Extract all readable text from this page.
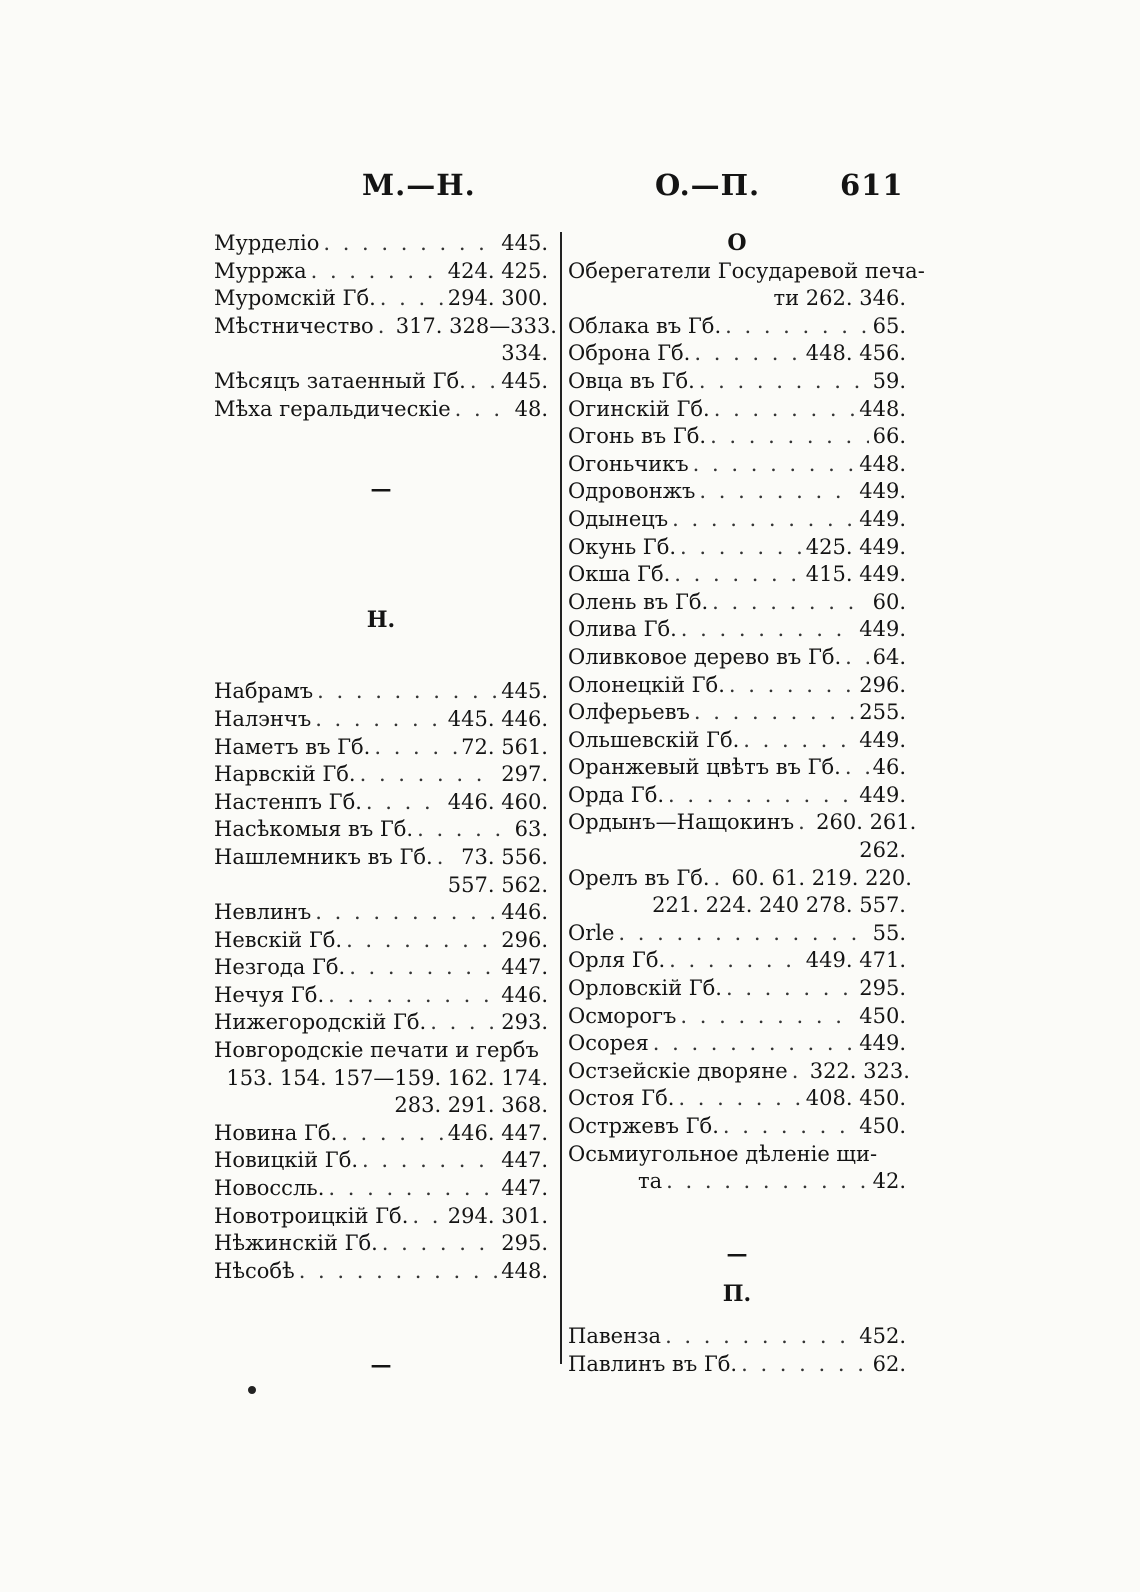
M.—H.	O.—П.	611
Мурделіо . . .	445.
Мурржа . . .	424. 425.
Муромскій Гб. . . .	294. 300.
Мѣстничество . . . 317. 328—333.
334.
Мѣсяцъ затаенный Гб. . . . 445.
Мѣха геральдическіе . . .	48.
—
Н.
Набрамъ . . .	445.
Налэнчъ . . .	445. 446.
Наметъ въ Гб. . . .	72. 561.
Нарвскій Гб. . . .	297.
Настенпъ Гб. . . .	446. 460.
Насѣкомыя въ Гб. . . .	63.
Нашлемникъ въ Гб. . . . 73. 556.
557. 562.
Невлинъ . . .	446.
Невскій Гб. . . .	296.
Незгода Гб. . . .	447.
Нечуя Гб. . . .	446.
Нижегородскій Гб. . . .	293.
Новгородскіе печати и гербъ
153. 154. 157—159. 162. 174.
283. 291. 368.
Новина Гб. . . .	446. 447.
Новицкій Гб. . . .	447.
Новоссль. . . .	447.
Новотроицкій Гб. . . . 294. 301.
Нѣжинскій Гб. . . .	295.
Нѣсобѣ . . .	448.
—
О
Оберегатели Государевой печа-
ти 262. 346.
Облака въ Гб. . . .	65.
Оброна Гб. . . .	448. 456.
Овца въ Гб. . . .	59.
Огинскій Гб. . . .	448.
Огонь въ Гб. . . .	66.
Огоньчикъ . . .	448.
Одровонжъ . . .	449.
Одынецъ . . .	449.
Окунь Гб. . . .	425. 449.
Окша Гб. . . .	415. 449.
Олень въ Гб. . . .	60.
Олива Гб. . . .	449.
Оливковое дерево въ Гб. . . . 64.
Олонецкій Гб. . . .	296.
Олферьевъ . . .	255.
Ольшевскій Гб. . . .	449.
Оранжевый цвѣтъ въ Гб. . . . 46.
Орда Гб. . . .	449.
Ордынъ—Нащокинъ . . . 260. 261.
262.
Орелъ въ Гб. . . . 60. 61. 219. 220.
221. 224. 240 278. 557.
Orle . . .	55.
Орля Гб. . . .	449. 471.
Орловскій Гб. . . .	295.
Осморогъ . . .	450.
Осорея . . .	449.
Остзейскіе дворяне . . . 322. 323.
Остоя Гб. . . .	408. 450.
Остржевъ Гб. . . .	450.
Осьмиугольное дѣленіе щи-
та . . .	42.
—
П.
Павенза . . .	452.
Павлинъ въ Гб. . . .	62.
